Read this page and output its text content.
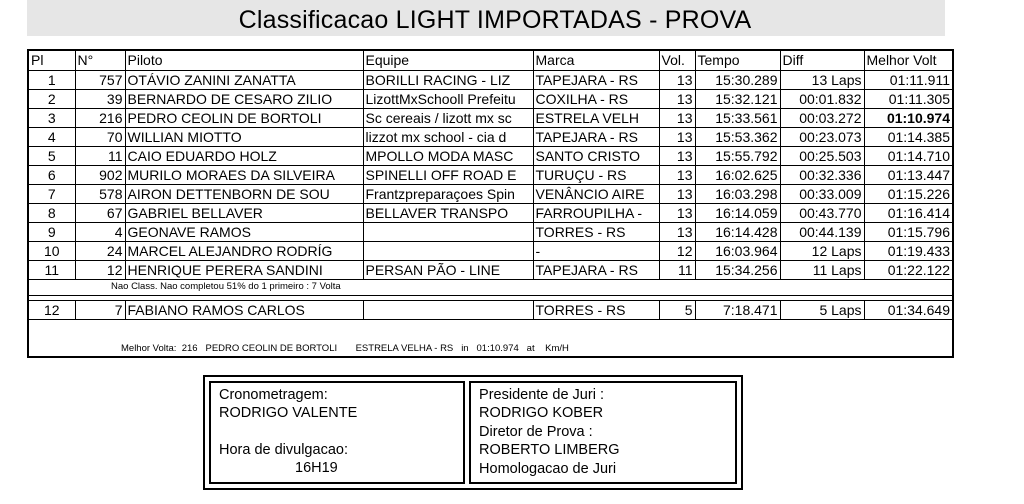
Classificacao LIGHT IMPORTADAS - PROVA
Pl	N°	Piloto	Equipe	Marca	Vol.	Tempo	Diff	Melhor Volt
1	757	OTÁVIO ZANINI ZANATTA	BORILLI RACING - LIZ	TAPEJARA - RS	13	15:30.289	13 Laps	01:11.911
2	39	BERNARDO DE CESARO ZILIO	LizottMxSchooll Prefeitu	COXILHA - RS	13	15:32.121	00:01.832	01:11.305
3	216	PEDRO CEOLIN DE BORTOLI	Sc cereais / lizott mx sc	ESTRELA VELH	13	15:33.561	00:03.272	01:10.974
4	70	WILLIAN MIOTTO	lizzot mx school - cia d	TAPEJARA - RS	13	15:53.362	00:23.073	01:14.385
5	11	CAIO EDUARDO HOLZ	MPOLLO MODA MASC	SANTO CRISTO	13	15:55.792	00:25.503	01:14.710
6	902	MURILO MORAES DA SILVEIRA	SPINELLI OFF ROAD E	TURUÇU - RS	13	16:02.625	00:32.336	01:13.447
7	578	AIRON DETTENBORN DE SOU	Frantzpreparaçoes Spin	VENÂNCIO AIRE	13	16:03.298	00:33.009	01:15.226
8	67	GABRIEL BELLAVER	BELLAVER TRANSPO	FARROUPILHA -	13	16:14.059	00:43.770	01:16.414
9	4	GEONAVE RAMOS		TORRES - RS	13	16:14.428	00:44.139	01:15.796
10	24	MARCEL ALEJANDRO RODRÍG		-	12	16:03.964	12 Laps	01:19.433
11	12	HENRIQUE PERERA SANDINI	PERSAN PÃO - LINE	TAPEJARA - RS	11	15:34.256	11 Laps	01:22.122
Nao Class. Nao completou 51% do 1 primeiro : 7 Volta								

12	7	FABIANO RAMOS CARLOS		TORRES - RS	5	7:18.471	5 Laps	01:34.649
Melhor Volta:  216   PEDRO CEOLIN DE BORTOLI       ESTRELA VELHA - RS   in   01:10.974   at    Km/H
Cronometragem:
RODRIGO VALENTE
Hora de divulgacao:
16H19
Presidente de Juri :
RODRIGO KOBER
Diretor de Prova :
ROBERTO LIMBERG
Homologacao de Juri
